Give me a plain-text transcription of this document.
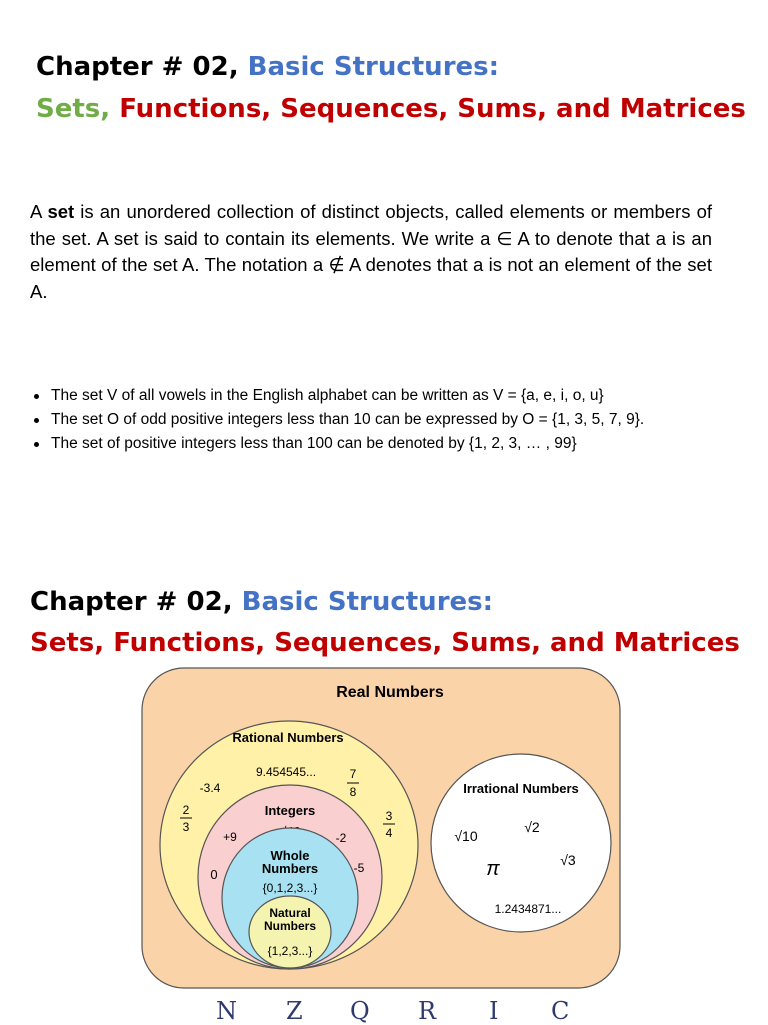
Chapter # 02, Basic Structures:
Sets, Functions, Sequences, Sums, and Matrices
A set is an unordered collection of distinct objects, called elements or members of the set. A set is said to contain its elements. We write a ∈ A to denote that a is an element of the set A. The notation a ∉ A denotes that a is not an element of the set A.
The set V of all vowels in the English alphabet can be written as V = {a, e, i, o, u}
The set O of odd positive integers less than 10 can be expressed by O = {1, 3, 5, 7, 9}.
The set of positive integers less than 100 can be denoted by {1, 2, 3, … , 99}
Chapter # 02, Basic Structures:
Sets, Functions, Sequences, Sums, and Matrices
Real Numbers
Rational Numbers
9.454545...
-3.4
7
8
2
3
3
4
Integers
+9	-2
-5
0
Whole
Numbers
{0,1,2,3...}
Natural
Numbers
{1,2,3...}
Irrational Numbers
√10
√2
π	√3
1.2434871...
N Z Q R I C
